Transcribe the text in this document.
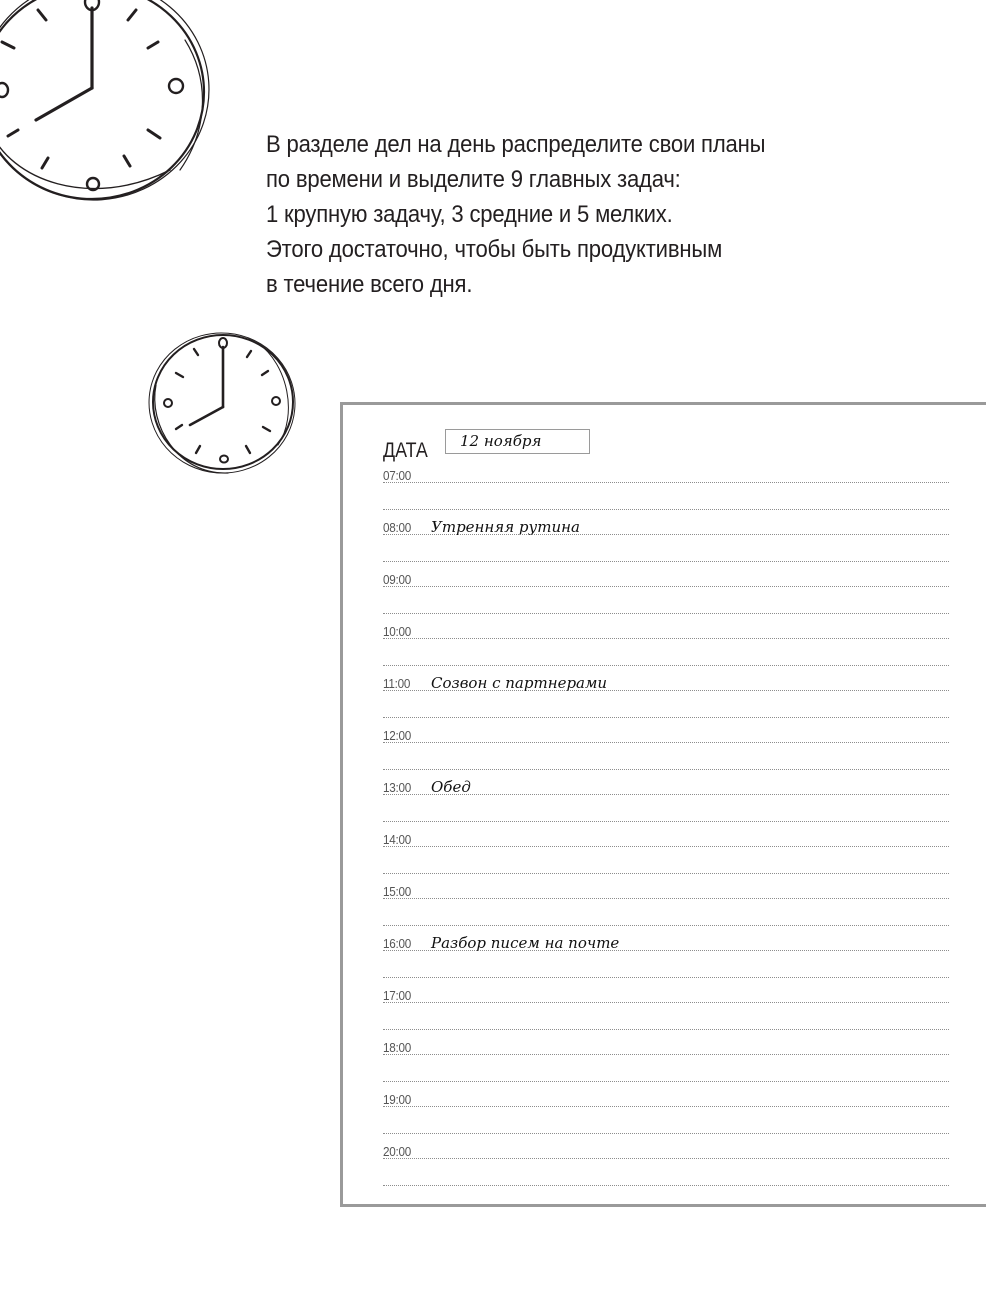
В разделе дел на день распределите свои планы
по времени и выделите 9 главных задач:
1 крупную задачу, 3 средние и 5 мелких.
Этого достаточно, чтобы быть продуктивным
в течение всего дня.
ДАТА 12 ноября
07:00
08:00 Утренняя рутина
09:00
10:00
11:00 Созвон с партнерами
12:00
13:00 Обед
14:00
15:00
16:00 Разбор писем на почте
17:00
18:00
19:00
20:00
